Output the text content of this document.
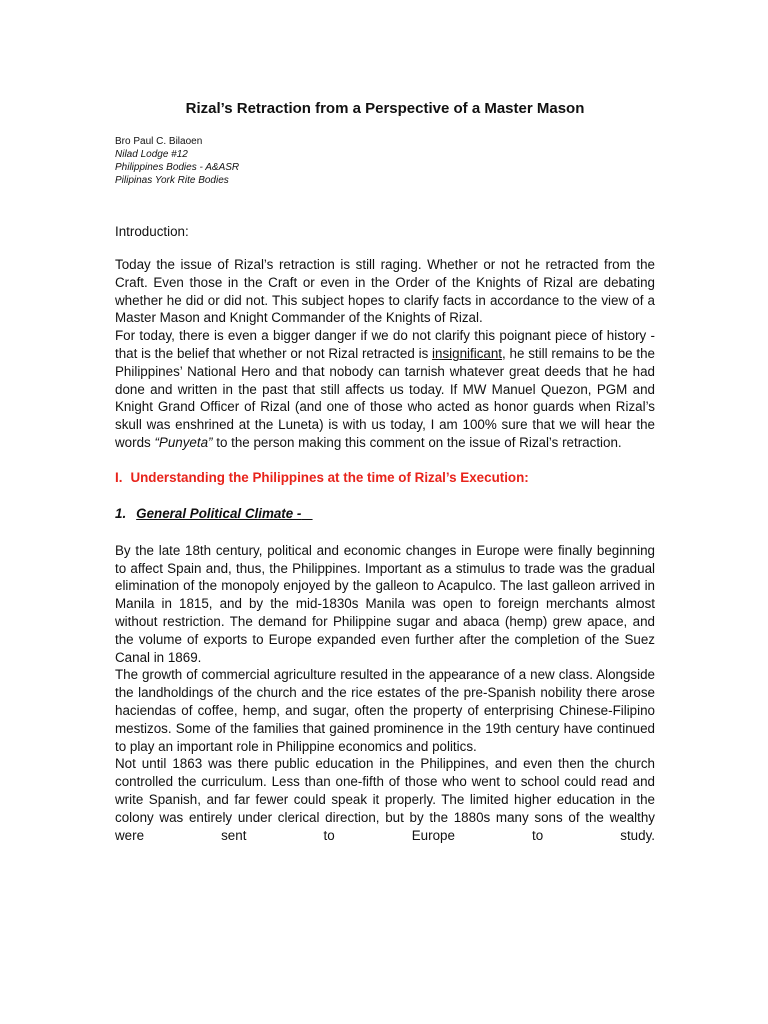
Rizal’s Retraction from a Perspective of a Master Mason
Bro Paul C. Bilaoen
Nilad Lodge #12
Philippines Bodies - A&ASR
Pilipinas York Rite Bodies
Introduction:

Today the issue of Rizal’s retraction is still raging. Whether or not he retracted from the Craft. Even those in the Craft or even in the Order of the Knights of Rizal are debating whether he did or did not. This subject hopes to clarify facts in accordance to the view of a Master Mason and Knight Commander of the Knights of Rizal.

For today, there is even a bigger danger if we do not clarify this poignant piece of history - that is the belief that whether or not Rizal retracted is insignificant, he still remains to be the Philippines’ National Hero and that nobody can tarnish whatever great deeds that he had done and written in the past that still affects us today. If MW Manuel Quezon, PGM and Knight Grand Officer of Rizal (and one of those who acted as honor guards when Rizal’s skull was enshrined at the Luneta) is with us today, I am 100% sure that we will hear the words “Punyeta” to the person making this comment on the issue of Rizal’s retraction.

I. Understanding the Philippines at the time of Rizal’s Execution:
1. General Political Climate -

By the late 18th century, political and economic changes in Europe were finally beginning to affect Spain and, thus, the Philippines. Important as a stimulus to trade was the gradual elimination of the monopoly enjoyed by the galleon to Acapulco. The last galleon arrived in Manila in 1815, and by the mid-1830s Manila was open to foreign merchants almost without restriction. The demand for Philippine sugar and abaca (hemp) grew apace, and the volume of exports to Europe expanded even further after the completion of the Suez Canal in 1869.

The growth of commercial agriculture resulted in the appearance of a new class. Alongside the landholdings of the church and the rice estates of the pre-Spanish nobility there arose haciendas of coffee, hemp, and sugar, often the property of enterprising Chinese-Filipino mestizos. Some of the families that gained prominence in the 19th century have continued to play an important role in Philippine economics and politics.

Not until 1863 was there public education in the Philippines, and even then the church controlled the curriculum. Less than one-fifth of those who went to school could read and write Spanish, and far fewer could speak it properly. The limited higher education in the colony was entirely under clerical direction, but by the 1880s many sons of the wealthy were sent to Europe to study.
